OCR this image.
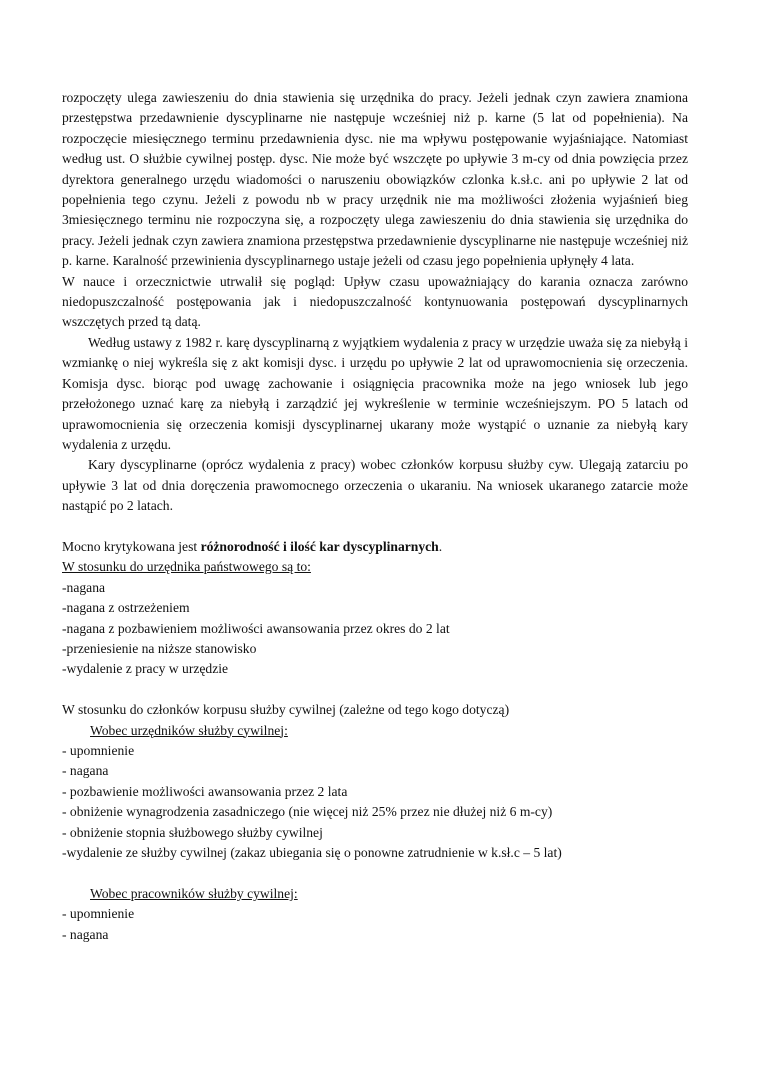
rozpoczęty ulega zawieszeniu do dnia stawienia się urzędnika do pracy. Jeżeli jednak czyn zawiera znamiona przestępstwa przedawnienie dyscyplinarne nie następuje wcześniej niż p. karne (5 lat od popełnienia). Na rozpoczęcie miesięcznego terminu przedawnienia dysc. nie ma wpływu postępowanie wyjaśniające. Natomiast według ust. O służbie cywilnej postęp. dysc. Nie może być wszczęte po upływie 3 m-cy od dnia powzięcia przez dyrektora generalnego urzędu wiadomości o naruszeniu obowiązków czlonka k.sł.c. ani po upływie 2 lat od popełnienia tego czynu. Jeżeli z powodu nb w pracy urzędnik nie ma możliwości złożenia wyjaśnień bieg 3miesięcznego terminu nie rozpoczyna się, a rozpoczęty ulega zawieszeniu do dnia stawienia się urzędnika do pracy. Jeżeli jednak czyn zawiera znamiona przestępstwa przedawnienie dyscyplinarne nie następuje wcześniej niż p. karne. Karalność przewinienia dyscyplinarnego ustaje jeżeli od czasu jego popełnienia upłynęły 4 lata.

W nauce i orzecznictwie utrwalił się pogląd: Upływ czasu upoważniający do karania oznacza zarówno niedopuszczalność postępowania jak i niedopuszczalność kontynuowania postępowań dyscyplinarnych wszczętych przed tą datą.

Według ustawy z 1982 r. karę dyscyplinarną z wyjątkiem wydalenia z pracy w urzędzie uważa się za niebyłą i wzmiankę o niej wykreśla się z akt komisji dysc. i urzędu po upływie 2 lat od uprawomocnienia się orzeczenia. Komisja dysc. biorąc pod uwagę zachowanie i osiągnięcia pracownika może na jego wniosek lub jego przełożonego uznać karę za niebyłą i zarządzić jej wykreślenie w terminie wcześniejszym. PO 5 latach od uprawomocnienia się orzeczenia komisji dyscyplinarnej ukarany może wystąpić o uznanie za niebyłą kary wydalenia z urzędu.

Kary dyscyplinarne (oprócz wydalenia z pracy) wobec członków korpusu służby cyw. Ulegają zatarciu po upływie 3 lat od dnia doręczenia prawomocnego orzeczenia o ukaraniu. Na wniosek ukaranego zatarcie może nastąpić po 2 latach.

Mocno krytykowana jest różnorodność i ilość kar dyscyplinarnych.

W stosunku do urzędnika państwowego są to:

-nagana
-nagana z ostrzeżeniem
-nagana z pozbawieniem możliwości awansowania przez okres do 2 lat
-przeniesienie na niższe stanowisko
-wydalenie z pracy w urzędzie

W stosunku do członków korpusu służby cywilnej (zależne od tego kogo dotyczą)

Wobec urzędników służby cywilnej:

- upomnienie
- nagana
- pozbawienie możliwości awansowania przez 2 lata
- obniżenie wynagrodzenia zasadniczego (nie więcej niż 25% przez nie dłużej niż 6 m-cy)
- obniżenie stopnia służbowego służby cywilnej
-wydalenie ze służby cywilnej (zakaz ubiegania się o ponowne zatrudnienie w k.sł.c – 5 lat)

Wobec pracowników służby cywilnej:

- upomnienie
- nagana
